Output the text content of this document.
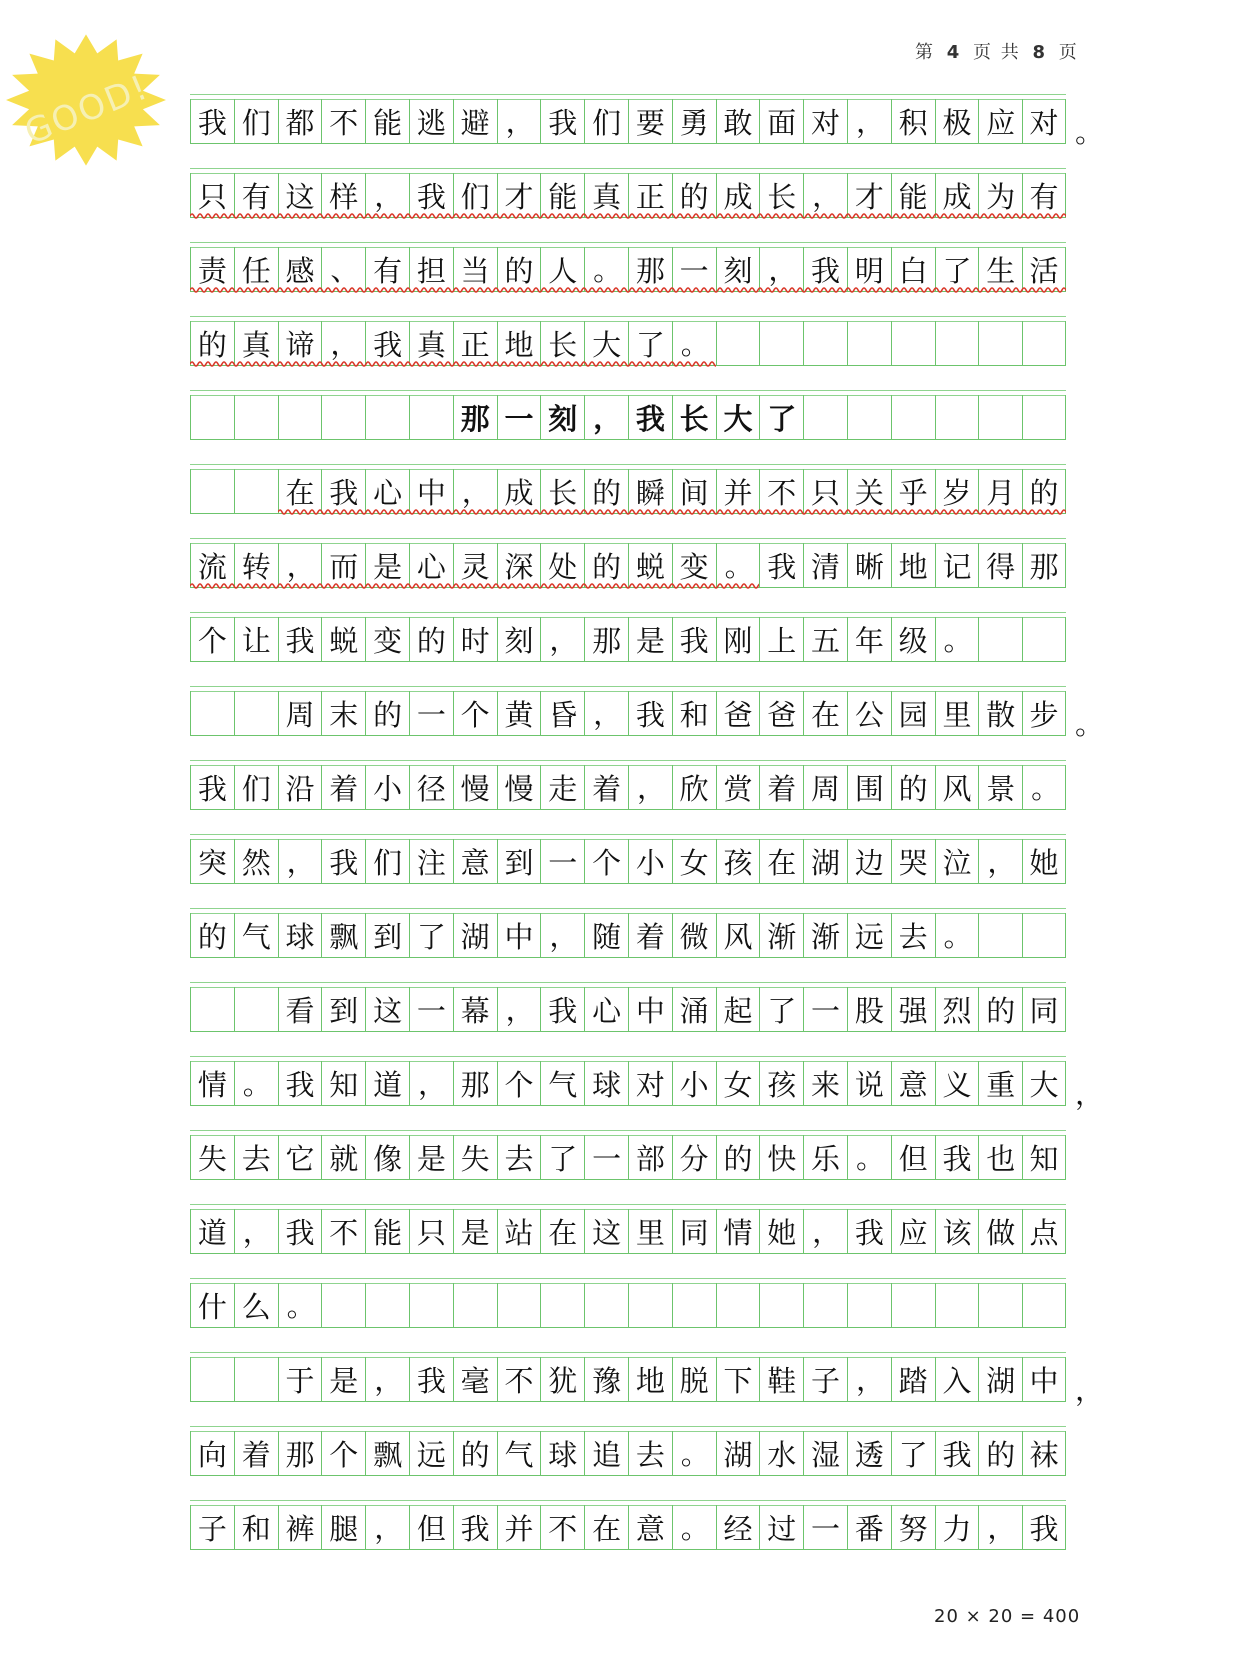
第 4 页 共 8 页
GOOD! 我 们 都 不 能 逃 避 ， 我 们 要 勇 敢 面 对 ， 积 极 应 对 。
只 有 这 样 ， 我 们 才 能 真 正 的 成 长 ， 才 能 成 为 有
责 任 感 、 有 担 当 的 人 。 那 一 刻 ， 我 明 白 了 生 活
的 真 谛 ， 我 真 正 地 长 大 了 。
那 一 刻 ， 我 长 大 了
在 我 心 中 ， 成 长 的 瞬 间 并 不 只 关 乎 岁 月 的
流 转 ， 而 是 心 灵 深 处 的 蜕 变 。 我 清 晰 地 记 得 那
个 让 我 蜕 变 的 时 刻 ， 那 是 我 刚 上 五 年 级 。
周 末 的 一 个 黄 昏 ， 我 和 爸 爸 在 公 园 里 散 步 。
我 们 沿 着 小 径 慢 慢 走 着 ， 欣 赏 着 周 围 的 风 景 。
突 然 ， 我 们 注 意 到 一 个 小 女 孩 在 湖 边 哭 泣 ， 她
的 气 球 飘 到 了 湖 中 ， 随 着 微 风 渐 渐 远 去 。
看 到 这 一 幕 ， 我 心 中 涌 起 了 一 股 强 烈 的 同
情 。 我 知 道 ， 那 个 气 球 对 小 女 孩 来 说 意 义 重 大 ，
失 去 它 就 像 是 失 去 了 一 部 分 的 快 乐 。 但 我 也 知
道 ， 我 不 能 只 是 站 在 这 里 同 情 她 ， 我 应 该 做 点
什 么 。
于 是 ， 我 毫 不 犹 豫 地 脱 下 鞋 子 ， 踏 入 湖 中 ，
向 着 那 个 飘 远 的 气 球 追 去 。 湖 水 湿 透 了 我 的 袜
子 和 裤 腿 ， 但 我 并 不 在 意 。 经 过 一 番 努 力 ， 我
20 × 20 = 400
